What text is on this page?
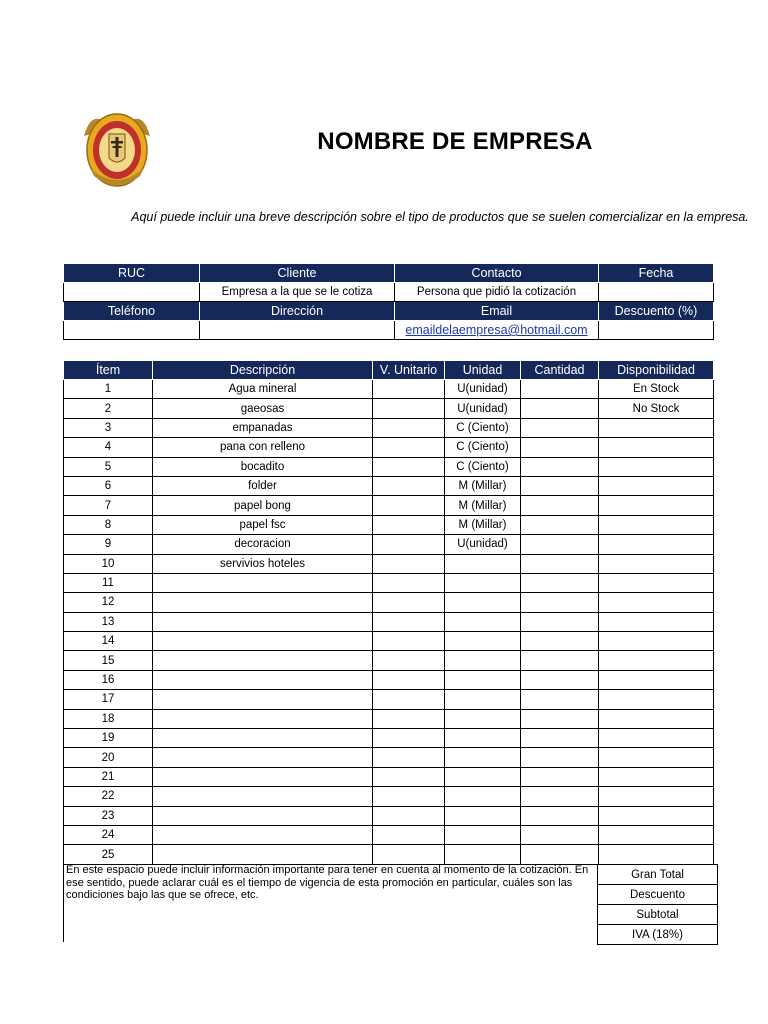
NOMBRE DE EMPRESA
Aquí puede incluir una breve descripción sobre el tipo de productos que se suelen comercializar en la empresa.
RUC	Cliente	Contacto	Fecha
	Empresa a la que se le cotiza	Persona que pidió la cotización	
Teléfono	Dirección	Email	Descuento (%)
		emaildelaempresa@hotmail.com	
Ítem	Descripción	V. Unitario	Unidad	Cantidad	Disponibilidad
1	Agua mineral		U(unidad)		En Stock
2	gaeosas		U(unidad)		No Stock
3	empanadas		C (Ciento)		
4	pana con relleno		C (Ciento)		
5	bocadito		C (Ciento)		
6	folder		M (Millar)		
7	papel bong		M (Millar)		
8	papel fsc		M (Millar)		
9	decoracion		U(unidad)		
10	servivios hoteles				
11					
12					
13					
14					
15					
16					
17					
18					
19					
20					
21					
22					
23					
24					
25					
En este espacio puede incluir información importante para tener en cuenta al momento de la cotización. En ese sentido, puede aclarar cuál es el tiempo de vigencia de esta promoción en particular, cuáles son las condiciones bajo las que se ofrece, etc.
Gran Total
Descuento
Subtotal
IVA (18%)
